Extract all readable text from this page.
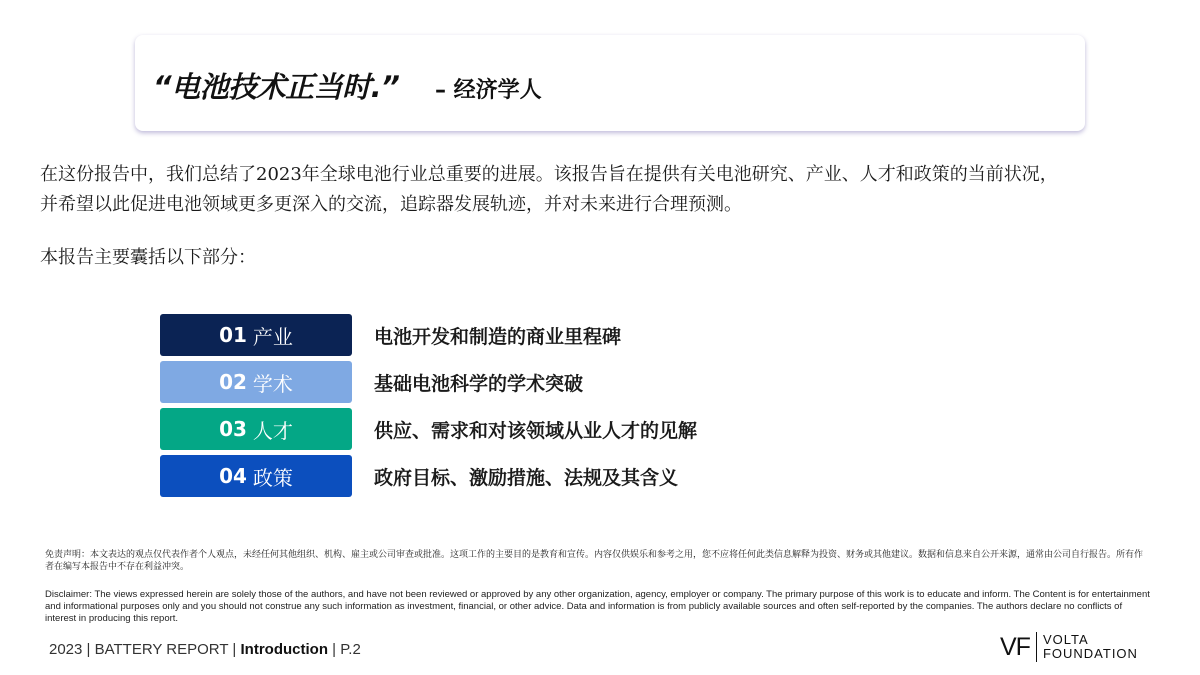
“电池技术正当时.” – 经济学人
在这份报告中，我们总结了2023年全球电池行业总重要的进展。该报告旨在提供有关电池研究、产业、人才和政策的当前状况，
并希望以此促进电池领域更多更深入的交流，追踪器发展轨迹，并对未来进行合理预测。
本报告主要囊括以下部分：
01 产业	电池开发和制造的商业里程碑
02 学术	基础电池科学的学术突破
03 人才	供应、需求和对该领域从业人才的见解
04 政策	政府目标、激励措施、法规及其含义
免责声明：本文表达的观点仅代表作者个人观点，未经任何其他组织、机构、雇主或公司审查或批准。这项工作的主要目的是教育和宣传。内容仅供娱乐和参考之用，您不应将任何此类信息解释为投资、财务或其他建议。数据和信息来自公开来源，通常由公司自行报告。所有作者在编写本报告中不存在利益冲突。
Disclaimer: The views expressed herein are solely those of the authors, and have not been reviewed or approved by any other organization, agency, employer or company. The primary purpose of this work is to educate and inform. The Content is for entertainment and informational purposes only and you should not construe any such information as investment, financial, or other advice. Data and information is from publicly available sources and often self-reported by the companies. The authors declare no conflicts of interest in producing this report.
2023 | BATTERY REPORT | Introduction | P.2	VF	VOLTA
FOUNDATION
